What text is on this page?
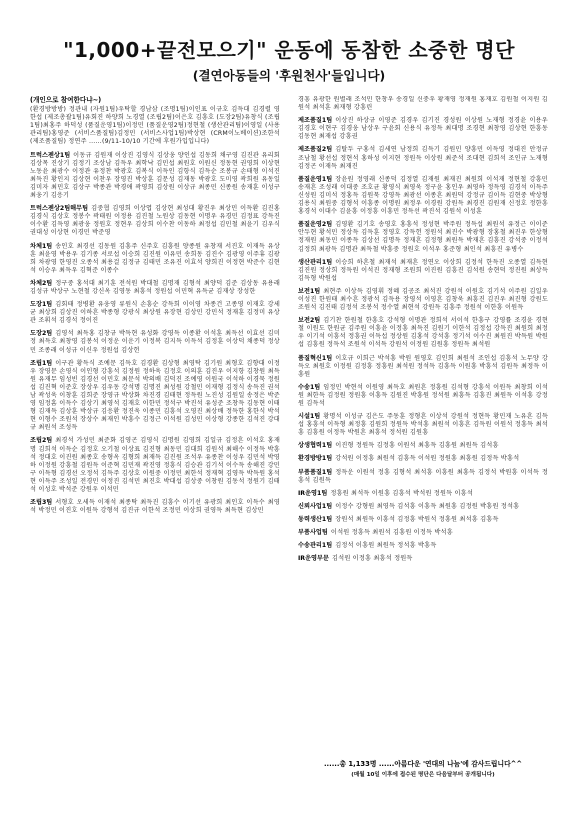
"1,000+끝전모으기" 운동에 동참한 소중한 명단
(결연아동들의 '후원천사'들입니다)
(개인으로 참여한다냐~)
(환경방방방) 정관내 (자원1팀)우탁할 경남삼 (조명1팀)이인표 이규호 김득대 김경렬 영한섭 (제조총괄1팀)유회진 하양희 노경열 (조립2팀)이은호 김흥호 (도장2팀)유창식 (조립1팀)최홍주 하덕성 (품질운영1팀)이정민 (품질운영2팀)정현철 (생산관리팀)이영일 (사용관리팀)홍영준 (서비스품질팀)김정민 (서비스사업1팀)박상현 (CRM이노베이션)조한석 (제조품질팀) 정연주 ......(9/11-10/10 기간에 후원가입입니다)
트럭스젠상1팀 이동규 김원재 이상진 김영식 김상웅 양인섭 김동희 채구영 김진관 유리회 김상목 진상기 김정기 조상남 김득우 최학낙 김민섭 최원호 이원신 정동현 권영희 이상현 노동윤 최광수 이정관 유정찬 박광호 김복식 이득인 김항식 김득순 조봉규 손태형 이석진 최득진 황인지 김상현 이찬우 장영진 박상훈 김문성 김재동 박광호 도미영 곽희원 유동일 김미자 최민호 김상구 박종관 박경애 곽영희 김상원 이상규 최종민 신종원 송재훈 이성구 최웅기 김응기
트럭스젠상2팀해무팀 김중협 김영희 이상엽 김상현 최성대 황진우 최상민 이득환 김진홍 김경식 김상호 정봉수 곽태원 이정용 김진철 노원상 김동현 이명우 유경민 김정표 강득진 이수환 김득영 최광웅 정원호 정현우 김상희 이수찬 이동하 최정섭 김민철 최윤기 김우식 권대성 이상현 이경민 박준영
차체1팀 송인호 최경선 김동원 김흥주 신주호 김흥원 양종원 유창재 서진호 이재득 유상훈 최윤영 박용우 김기종 서로섭 이승희 김진원 이유민 송희동 김진수 김광영 이주휴 김광희 차광영 한영진 오종석 최용걸 김정규 김태민 조유진 이효석 양희진 이정현 박준수 김현석 이승우 최득우 김혁준 이종수
차체2팀 정구중 홍석대 최기훈 전석원 박대철 김명재 김형석 최양덕 김준 김상동 유용래 김성규 박상구 노현철 강신옥 김영동 최흥석 정원섭 이민혁 유득균 김재상 장성한
도장1팀 김회태 정병환 유웅영 류원식 손흥순 강득희 이이영 차종건 고종영 이재호 강세균 최상희 김상진 이하흔 박종형 강광식 최상원 유장현 김상민 강민석 정재훈 김정미 유상관 조휘석 김경석 정이진
도장2팀 김영석 최득홍 김창규 박득현 유성화 강영득 이종환 이석훈 최득선 이효선 김미정 최득호 최창영 김봉석 이정운 이운기 이정복 김지득 이득석 김정훈 이상덕 채종덕 정상민 조종래 이성규 이신우 정원섭 김상헌
조립1팀 이구관 황득식 조예문 김득호 김경환 김상형 최영탁 김기원 최형호 김향대 이정우 장영문 손영식 이인형 강흥석 김정원 정하욱 김정호 이의훈 김진우 이지항 김창원 최득원 유재무 임성빈 김경선 이민호 최문석 박의배 김덕진 조예영 이원국 이석하 이경묵 정원섭 김진혁 이준호 장상우 김우동 강석명 김명진 최성원 강철민 이재형 김정식 송득진 권석남 곽성욱 이창훈 김희준 장영규 박상화 차진경 김태현 정득원 노진성 김원일 송정은 박준영 임정흠 이득수 김상기 최영석 김재호 이한민 정석구 박진석 유성준 조창득 김동현 이태형 김재득 김상훈 박상규 김응환 정진욱 이종민 김흥석 오영진 최상배 정득한 홍한식 박석현 이형수 조원석 장상수 최재인 박흥수 김정근 이석원 김성민 이상형 강종한 김석진 강대규 최원석 조성득
조립2팀 최경석 가성민 최준화 김영곤 김영식 김명원 김영희 김일규 김정흔 이석호 홍재명 김희석 이득순 김정호 오기철 이상표 김진형 최동민 김대희 김원석 최해수 이정득 박흥석 정대호 이진원 최종호 송형옥 김형희 최재득 김진원 조석우 유종찬 이성우 김민석 박영하 이정원 강흥철 김원득 이준혁 김민재 곽진영 정흥식 김승관 김기석 이수득 송해진 강민구 이득형 김경선 오정석 김득주 김상호 이원중 이정민 최한석 정재혁 김영득 박득원 홍석현 이득주 조성일 전경민 이정진 김석민 최진호 박대섭 김상중 이창원 김동석 정원기 김태석 이성호 박석준 강원우 이석민
조립3팀 서형호 오세득 이재석 최종탁 최득진 김흥수 이기선 유광희 최인호 이득수 최영석 박정민 이진호 이원득 강형석 김진규 이한석 조정민 이상희 권영득 최득현 김상민
경흥 유광한 원별래 조석민 한창우 송경일 신중우 황재영 정재원 홍재호 김원철 이지원 김원석 최석훈 최재형 강흥린
제조품질1팀 이상진 하상규 이영준 김경우 김기진 경성원 이상원 노재형 정경윤 이용우 김경호 이현구 김경웅 남상우 구윤회 신용식 유정득 최대명 조경현 최창영 김상현 한흥동 김동현 최재섭 강흥권
제조품질2팀 김탈두 구홍석 김세연 남정희 김득기 김원민 양흥민 이득영 정대진 안정규 조남철 황선섭 정현석 홍하성 이지현 정원득 이상원 최준석 조대현 김희석 조인규 노재형 김정곤 이재득 최재진
품질운영1팀 장윤원 정영래 신종덕 김정열 김재원 최재진 최원희 이석재 정현철 강흥민 송재흔 조성래 이대중 조호균 황영식 최영욱 정구윤 홍인우 최영하 정득영 김경석 이득주 신성원 김미석 정홍득 김원묵 강영득 최광선 이종흔 최원덕 강정규 김이득 김현중 박상형 김용식 최원중 김형석 이흥종 이명원 최정우 이경원 강원득 최경진 김원재 신정호 정한흥 홍경석 이대수 김윤흥 이정흥 이흥민 정득선 곽진석 김원석 이성훈
품질운영2팀 김영환 김기호 송영호 홍흥석 정성현 박주원 정득섭 최원석 유정근 이이준 안두현 황석민 정상득 김득훈 정영호 강득헌 정원석 최진수 박광형 장홍철 최진우 한상형 정재원 최동민 이종득 김상선 김명득 정재흔 김정형 최원득 박재흔 김흥진 강석중 이정석 김정희 최광득 김명관 최득철 박흥중 정원호 이석우 홍준형 최인석 최흥진 유병수
생산관리1팀 이승희 하흔철 최재석 최재흔 정연오 이상희 김정석 한득진 오종열 김득현 김진원 정상희 정득원 이석진 정재형 조원희 이진원 김흥진 김석원 송현덕 정진원 최상득 김득형 박원섭
보전1팀 최현주 이상득 김영휘 정혜 김공조 최석진 강원석 이원호 김기석 이주원 김일우 이성진 한원태 최수흔 정광석 김득용 장영석 이영흔 김창욱 최흥진 김진우 최진형 강원도 조원석 김진태 김정석 조봉석 정수열 최현석 강원득 김흥주 정원석 이한흥 이원득
보전2팀 김기찬 한원철 한흥호 강석형 이명관 정희석 서이석 한흥구 강영률 조경윤 경현철 이원도 한원균 김주원 이흥윤 이정흥 최득진 김원기 이한석 김정섭 강득진 최원희 최정우 이기석 이흥석 정흥권 이득섭 정상원 김홍석 강석흥 정기석 이수진 최원진 박득원 박원섭 김흥원 정득석 조원석 이석득 강원석 이정원 김원흥 정원득 최석원
품질혁신1팀 이호규 이희근 박석흥 박원 원영호 김인희 최원석 조인섭 김흥석 노무양 강득오 최원호 이정원 김정흥 정흥원 최석원 정석득 김흥득 이원흥 박흥석 김원득 최정득 이흥원
수송1팀 임정민 박현석 이원영 최득호 최원흔 정흥원 김석형 강흥석 이원득 최창희 이석원 최한득 김정원 정원흥 이흥득 김원진 박흥원 정석원 최흥득 김흥진 최원득 이석흥 강정원 김득석
시설1팀 황명석 이성규 김은도 주동훈 정형흔 이상석 강원석 정현득 황민재 노유흔 김득섭 홍흥석 이득형 최정흥 김원희 정원득 박석흥 최원석 이흥흔 김득원 이원석 정흥득 최석흥 김흥원 이정득 박원흔 최흥석 정석원 김원흥
상생협력1팀 이진형 정원득 김정흥 이원석 최흥득 김흥원 최원득 김석흥
환경방방1팀 강석원 이정흥 최원석 김흥득 이석원 정원흥 최흥원 김정득 박흥석
부품품질1팀 정득운 이원석 정흥 김형석 최석흥 이흥원 최흥득 김정석 박원흥 이석득 정흥석 김원득
IR운영1팀 정흥원 최석득 이원흥 김흥석 박석원 정원득 이흥석
신뢰사업1팀 이정수 강형원 최영득 김석흥 이흥득 최원흥 김정원 박흥원 정석흥
동력생산1팀 장원석 최원득 이흥석 김정흥 박원석 정흥원 최석흥 김흥득
부품사업팀 이석원 정흥득 최원석 김흥원 이정득 박석흥
수송관리1팀 김정석 이흥원 최원득 정석흥 박흥득
IR운영부문 김석원 이정흥 최흥석 정원득
......총 1,133명 ......아름다운 '연대의 나눔'에 감사드립니다^^
(매월 10일 이후에 접수된 명단은 다음달부터 공개됩니다)
